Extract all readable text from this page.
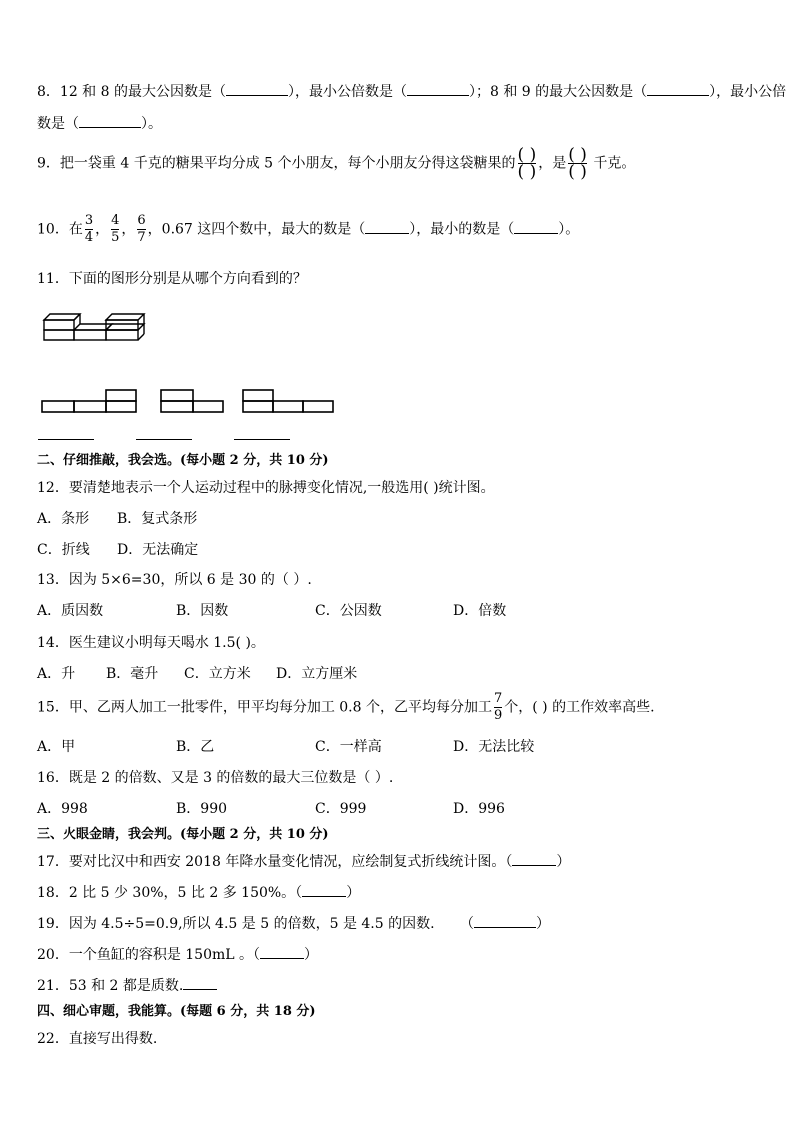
8．12 和 8 的最大公因数是（	），最小公倍数是（	）；8 和 9 的最大公因数是（	），最小公倍
数是（	）。
9．把一袋重 4 千克的糖果平均分成 5 个小朋友，每个小朋友分得这袋糖果的 $\frac{( )}{( )}$ ，是 $\frac{( )}{( )}$ 千克。
10．在 $\frac{3}{4}$ ， $\frac{4}{5}$ ， $\frac{6}{7}$ ，0.67 这四个数中，最大的数是（	），最小的数是（	）。
11．下面的图形分别是从哪个方向看到的？
二、仔细推敲，我会选。(每小题 2 分，共 10 分)
12．要清楚地表示一个人运动过程中的脉搏变化情况,一般选用( )统计图。
A．条形 B．复式条形
C．折线 D．无法确定
13．因为 5×6=30，所以 6 是 30 的（ ）.
A．质因数	B．因数	C．公因数	D．倍数
14．医生建议小明每天喝水 1.5( )。
A．升 B．毫升 C．立方米 D．立方厘米
15．甲、乙两人加工一批零件，甲平均每分加工 0.8 个，乙平均每分加工 $\frac{7}{9}$ 个，( ) 的工作效率高些.
A．甲	B．乙	C．一样高	D．无法比较
16．既是 2 的倍数、又是 3 的倍数的最大三位数是（ ）.
A．998	B．990	C．999	D．996
三、火眼金睛，我会判。(每小题 2 分，共 10 分)
17．要对比汉中和西安 2018 年降水量变化情况，应绘制复式折线统计图。（	）
18．2 比 5 少 30%，5 比 2 多 150%。（	）
19．因为 4.5÷5=0.9,所以 4.5 是 5 的倍数，5 是 4.5 的因数. （	）
20．一个鱼缸的容积是 150mL 。（	）
21．53 和 2 都是质数.
四、细心审题，我能算。(每题 6 分，共 18 分)
22．直接写出得数.
